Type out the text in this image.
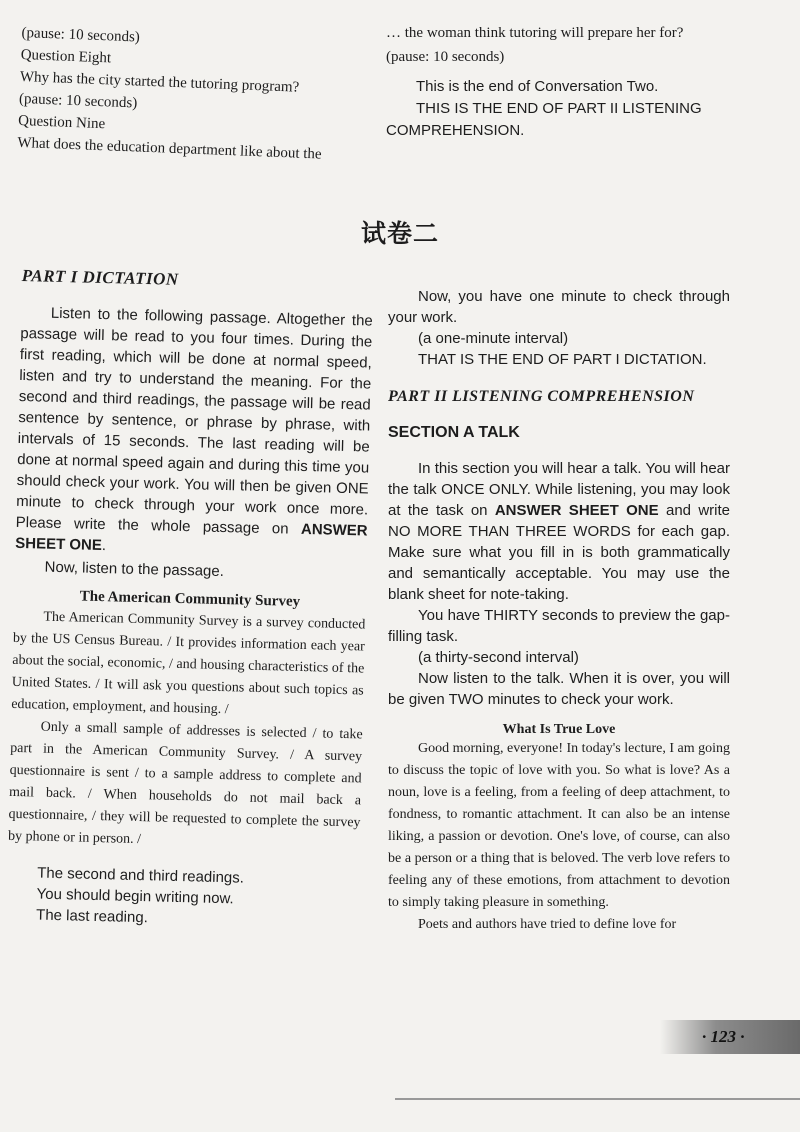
(pause: 10 seconds)

Question Eight

Why has the city started the tutoring program?

(pause: 10 seconds)

Question Nine

What does the education department like about the

… the woman think tutoring will prepare her for?

(pause: 10 seconds)

This is the end of Conversation Two.

THIS IS THE END OF PART II LISTENING COMPREHENSION.

试卷二
PART I DICTATION

Listen to the following passage. Altogether the passage will be read to you four times. During the first reading, which will be done at normal speed, listen and try to understand the meaning. For the second and third readings, the passage will be read sentence by sentence, or phrase by phrase, with intervals of 15 seconds. The last reading will be done at normal speed again and during this time you should check your work. You will then be given ONE minute to check through your work once more. Please write the whole passage on ANSWER SHEET ONE.

Now, listen to the passage.

The American Community Survey

The American Community Survey is a survey conducted by the US Census Bureau. / It provides information each year about the social, economic, / and housing characteristics of the United States. / It will ask you questions about such topics as education, employment, and housing. /

Only a small sample of addresses is selected / to take part in the American Community Survey. / A survey questionnaire is sent / to a sample address to complete and mail back. / When households do not mail back a questionnaire, / they will be requested to complete the survey by phone or in person. /

The second and third readings.

You should begin writing now.

The last reading.

Now, you have one minute to check through your work.

(a one-minute interval)

THAT IS THE END OF PART I DICTATION.

PART II LISTENING COMPREHENSION
SECTION A TALK

In this section you will hear a talk. You will hear the talk ONCE ONLY. While listening, you may look at the task on ANSWER SHEET ONE and write NO MORE THAN THREE WORDS for each gap. Make sure what you fill in is both grammatically and semantically acceptable. You may use the blank sheet for note-taking.

You have THIRTY seconds to preview the gap-filling task.

(a thirty-second interval)

Now listen to the talk. When it is over, you will be given TWO minutes to check your work.

What Is True Love

Good morning, everyone! In today's lecture, I am going to discuss the topic of love with you. So what is love? As a noun, love is a feeling, from a feeling of deep attachment, to fondness, to romantic attachment. It can also be an intense liking, a passion or devotion. One's love, of course, can also be a person or a thing that is beloved. The verb love refers to feeling any of these emotions, from attachment to devotion to simply taking pleasure in something.

Poets and authors have tried to define love for

· 123 ·
